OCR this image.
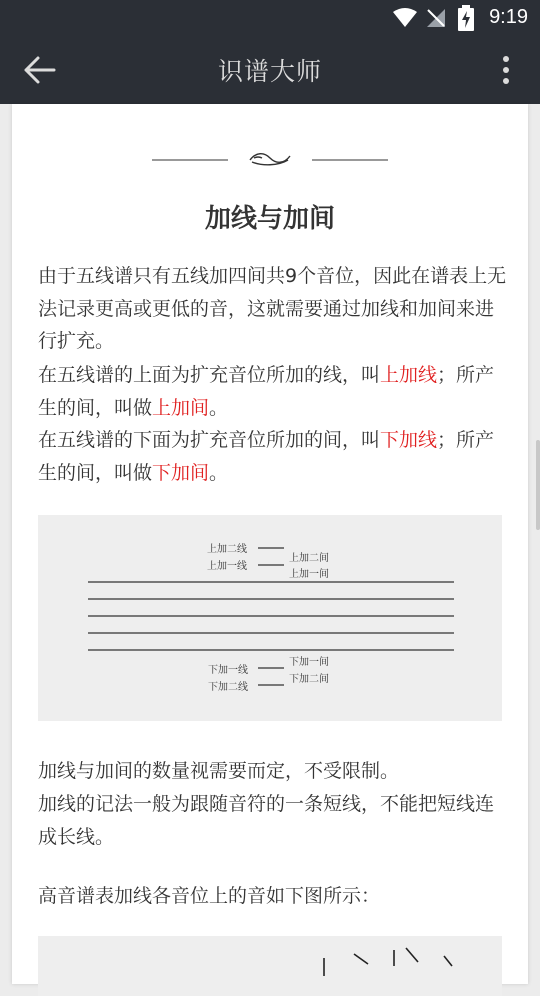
9:19
识谱大师
加线与加间

由于五线谱只有五线加四间共9个音位，因此在谱表上无法记录更高或更低的音，这就需要通过加线和加间来进行扩充。

在五线谱的上面为扩充音位所加的线，叫上加线；所产生的间，叫做上加间。

在五线谱的下面为扩充音位所加的间，叫下加线；所产生的间，叫做下加间。

上加二线
上加一线
上加二间
上加一间
下加一间
下加一线
下加二间
下加二线

加线与加间的数量视需要而定，不受限制。

加线的记法一般为跟随音符的一条短线，不能把短线连成长线。

高音谱表加线各音位上的音如下图所示：
